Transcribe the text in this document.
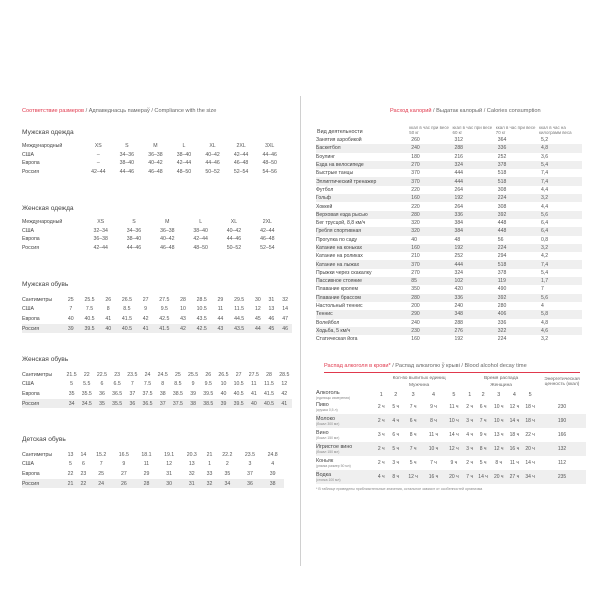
Соответствие размеров / Адпаведнасць памераў / Compliance with the size
Мужская одежда
Международный	XS	S	M	L	XL	2XL	3XL
США	–	34–36	36–38	38–40	40–42	42–44	44–46
Европа	–	38–40	40–42	42–44	44–46	46–48	48–50
Россия	42–44	44–46	46–48	48–50	50–52	52–54	54–56
Женская одежда
Международный	XS	S	M	L	XL	2XL
США	32–34	34–36	36–38	38–40	40–42	42–44
Европа	36–38	38–40	40–42	42–44	44–46	46–48
Россия	42–44	44–46	46–48	48–50	50–52	52–54
Мужская обувь
Сантиметры	25	25.5	26	26.5	27	27.5	28	28.5	29	29.5	30	31	32
США	7	7.5	8	8.5	9	9.5	10	10.5	11	11.5	12	13	14
Европа	40	40.5	41	41.5	42	42.5	43	43.5	44	44.5	45	46	47
Россия	39	39.5	40	40.5	41	41.5	42	42.5	43	43.5	44	45	46
Женская обувь
Сантиметры	21.5	22	22.5	23	23.5	24	24.5	25	25.5	26	26.5	27	27.5	28	28.5
США	5	5.5	6	6.5	7	7.5	8	8.5	9	9.5	10	10.5	11	11.5	12
Европа	35	35.5	36	36.5	37	37.5	38	38.5	39	39.5	40	40.5	41	41.5	42
Россия	34	34.5	35	35.5	36	36.5	37	37.5	38	38.5	39	39.5	40	40.5	41
Детская обувь
Сантиметры	13	14	15.2	16.5	18.1	19.1	20.3	21	22.2	23.5	24.8
США	5	6	7	9	11	12	13	1	2	3	4
Европа	22	23	25	27	29	31	32	33	35	37	39
Россия	21	22	24	26	28	30	31	32	34	36	38
Расход калорий / Выдатак калорый / Calories consumption
Вид деятельности	ккал в час при весе 50 кг	ккал в час при весе 60 кг	ккал в час при весе 70 кг	ккал в час на килограмм веса
Занятия аэробикой	260	312	364	5,2
Баскетбол	240	288	336	4,8
Боулинг	180	216	252	3,6
Езда на велосипеде	270	324	378	5,4
Быстрые танцы	370	444	518	7,4
Эллиптический тренажер	370	444	518	7,4
Футбол	220	264	308	4,4
Гольф	160	192	224	3,2
Хоккей	220	264	308	4,4
Верховая езда рысью	280	336	392	5,6
Бег трусцой, 8,8 км/ч	320	384	448	6,4
Гребля спортивная	320	384	448	6,4
Прогулка по саду	40	48	56	0,8
Катание на коньках	160	192	224	3,2
Катание на роликах	210	252	294	4,2
Катание на лыжах	370	444	518	7,4
Прыжки через скакалку	270	324	378	5,4
Пассивное стояние	85	102	119	1,7
Плавание кролем	350	420	490	7
Плавание брассом	280	336	392	5,6
Настольный теннис	200	240	280	4
Теннис	290	348	406	5,8
Волейбол	240	288	336	4,8
Ходьба, 5 км/ч	230	276	322	4,6
Статическая йога	160	192	224	3,2
Распад алкоголя в крови* / Распад алкаголю ў крыві / Blood alcohol decay time
	Кол-во выпитых единиц					Время распада					Энергетическая ценность (ккал)
	Мужчина					Женщина					

Алкоголь
(единицы измерения)	1	2	3	4	5	1	2	3	4	5	

Пиво
(кружка 0,5 л)	2 ч	5 ч	7 ч	9 ч	11 ч	2 ч	6 ч	10 ч	12 ч	18 ч	230

Молоко
(бокал 300 мл)	2 ч	4 ч	6 ч	8 ч	10 ч	3 ч	7 ч	10 ч	14 ч	18 ч	190

Вино
(бокал 150 мл)	3 ч	6 ч	8 ч	11 ч	14 ч	4 ч	9 ч	13 ч	18 ч	22 ч	166

Игристое вино
(бокал 150 мл)	2 ч	5 ч	7 ч	10 ч	12 ч	3 ч	8 ч	12 ч	16 ч	20 ч	132

Коньяк
(рюмка размер 50 мл)	2 ч	3 ч	5 ч	7 ч	9 ч	2 ч	5 ч	8 ч	11 ч	14 ч	112

Водка
(стопка 100 мл)	4 ч	8 ч	12 ч	16 ч	20 ч	7 ч	14 ч	20 ч	27 ч	34 ч	235
* В таблице приведены приблизительные значения, остальное зависит от особенностей организма
